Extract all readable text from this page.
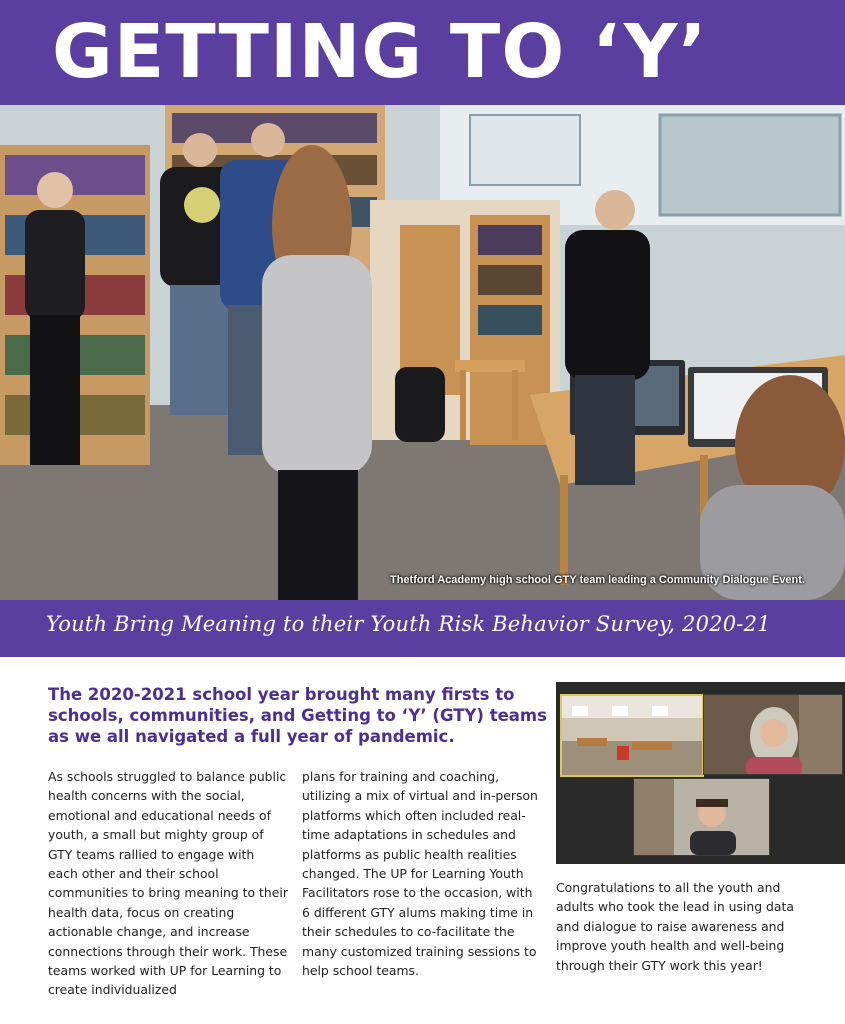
GETTING TO ‘Y’
Thetford Academy high school GTY team leading a Community Dialogue Event.
Youth Bring Meaning to their Youth Risk Behavior Survey, 2020-21
The 2020-2021 school year brought many firsts to schools, communities, and Getting to ‘Y’ (GTY) teams as we all navigated a full year of pandemic.
As schools struggled to balance public health concerns with the social, emotional and educational needs of youth, a small but mighty group of GTY teams rallied to engage with each other and their school communities to bring meaning to their health data, focus on creating actionable change, and increase connections through their work. These teams worked with UP for Learning to create individualized
plans for training and coaching, utilizing a mix of virtual and in-person platforms which often included real-time adaptations in schedules and platforms as public health realities changed. The UP for Learning Youth Facilitators rose to the occasion, with 6 different GTY alums making time in their schedules to co-facilitate the many customized training sessions to help school teams.
Congratulations to all the youth and adults who took the lead in using data and dialogue to raise awareness and improve youth health and well-being through their GTY work this year!
